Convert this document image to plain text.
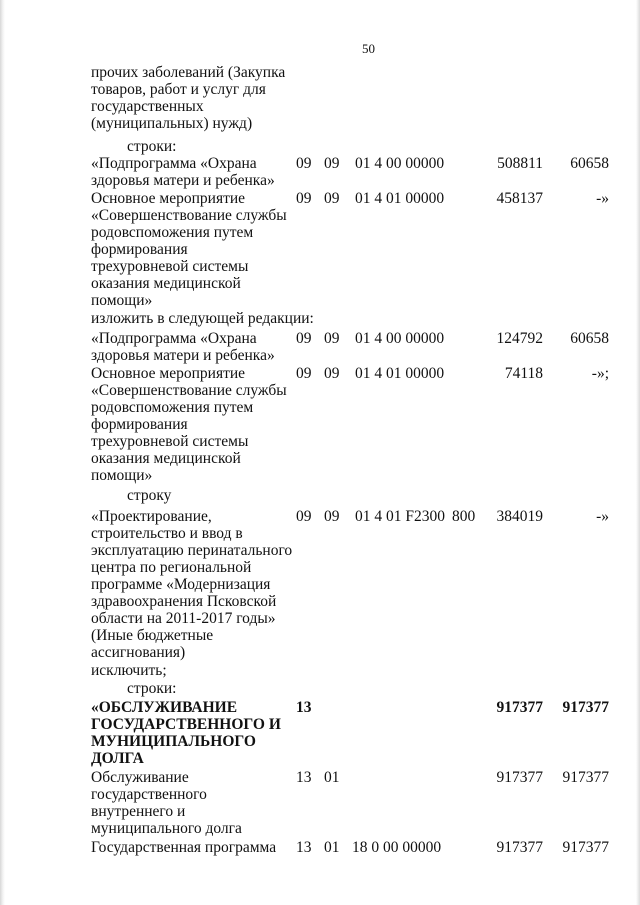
50
прочих заболеваний (Закупка
товаров, работ и услуг для
государственных
(муниципальных) нужд)
строки:
«Подпрограмма «Охрана
здоровья матери и ребенка»
09 09 01 4 00 00000	508811	60658
Основное мероприятие
«Совершенствование службы
родовспоможения путем
формирования
трехуровневой системы
оказания медицинской
помощи»
09 09 01 4 01 00000	458137	-»
изложить в следующей редакции:
«Подпрограмма «Охрана
здоровья матери и ребенка»
09 09 01 4 00 00000	124792	60658
Основное мероприятие
«Совершенствование службы
родовспоможения путем
формирования
трехуровневой системы
оказания медицинской
помощи»
09 09 01 4 01 00000	74118	-»;
строку
«Проектирование,
строительство и ввод в
эксплуатацию перинатального
центра по региональной
программе «Модернизация
здравоохранения Псковской
области на 2011-2017 годы»
(Иные бюджетные
ассигнования)
09 09 01 4 01 F2300 800	384019	-»
исключить;
строки:
«ОБСЛУЖИВАНИЕ
ГОСУДАРСТВЕННОГО И
МУНИЦИПАЛЬНОГО
ДОЛГА
13	917377	917377
Обслуживание
государственного
внутреннего и
муниципального долга
13 01	917377	917377
Государственная программа 13 01 18 0 00 00000	917377	917377
